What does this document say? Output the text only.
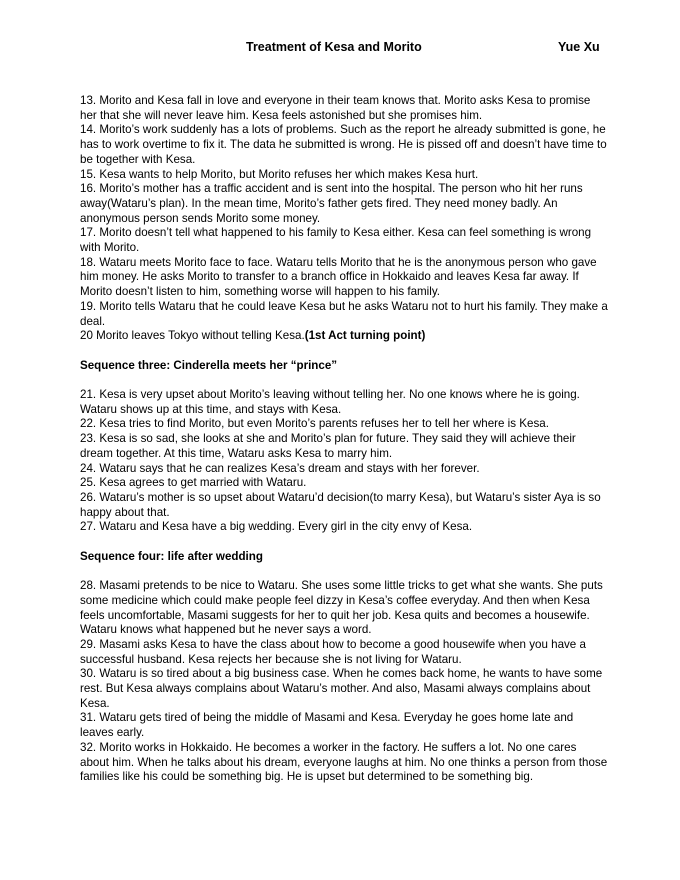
Treatment of Kesa and Morito	Yue Xu

13. Morito and Kesa fall in love and everyone in their team knows that. Morito asks Kesa to promise her that she will never leave him. Kesa feels astonished but she promises him.

14. Morito’s work suddenly has a lots of problems. Such as the report he already submitted is gone, he has to work overtime to fix it. The data he submitted is wrong. He is pissed off and doesn’t have time to be together with Kesa.

15. Kesa wants to help Morito, but Morito refuses her which makes Kesa hurt.

16. Morito’s mother has a traffic accident and is sent into the hospital. The person who hit her runs away(Wataru’s plan). In the mean time, Morito’s father gets fired. They need money badly. An anonymous person sends Morito some money.

17. Morito doesn’t tell what happened to his family to Kesa either. Kesa can feel something is wrong with Morito.

18. Wataru meets Morito face to face. Wataru tells Morito that he is the anonymous person who gave him money. He asks Morito to transfer to a branch office in Hokkaido and leaves Kesa far away. If Morito doesn’t listen to him, something worse will happen to his family.

19. Morito tells Wataru that he could leave Kesa but he asks Wataru not to hurt his family. They make a deal.

20 Morito leaves Tokyo without telling Kesa.(1st Act turning point)

Sequence three: Cinderella meets her “prince”

21. Kesa is very upset about Morito’s leaving without telling her. No one knows where he is going. Wataru shows up at this time, and stays with Kesa.

22. Kesa tries to find Morito, but even Morito’s parents refuses her to tell her where is Kesa.

23. Kesa is so sad, she looks at she and Morito’s plan for future. They said they will achieve their dream together. At this time, Wataru asks Kesa to marry him.

24. Wataru says that he can realizes Kesa’s dream and stays with her forever.

25. Kesa agrees to get married with Wataru.

26. Wataru’s mother is so upset about Wataru’d decision(to marry Kesa), but Wataru’s sister Aya is so happy about that.

27. Wataru and Kesa have a big wedding. Every girl in the city envy of Kesa.

Sequence four: life after wedding

28. Masami pretends to be nice to Wataru. She uses some little tricks to get what she wants. She puts some medicine which could make people feel dizzy in Kesa’s coffee everyday. And then when Kesa feels uncomfortable, Masami suggests for her to quit her job. Kesa quits and becomes a housewife. Wataru knows what happened but he never says a word.

29. Masami asks Kesa to have the class about how to become a good housewife when you have a successful husband. Kesa rejects her because she is not living for Wataru.

30. Wataru is so tired about a big business case. When he comes back home, he wants to have some rest. But Kesa always complains about Wataru’s mother. And also, Masami always complains about Kesa.

31. Wataru gets tired of being the middle of Masami and Kesa. Everyday he goes home late and leaves early.

32. Morito works in Hokkaido. He becomes a worker in the factory. He suffers a lot. No one cares about him. When he talks about his dream, everyone laughs at him. No one thinks a person from those families like his could be something big. He is upset but determined to be something big.
